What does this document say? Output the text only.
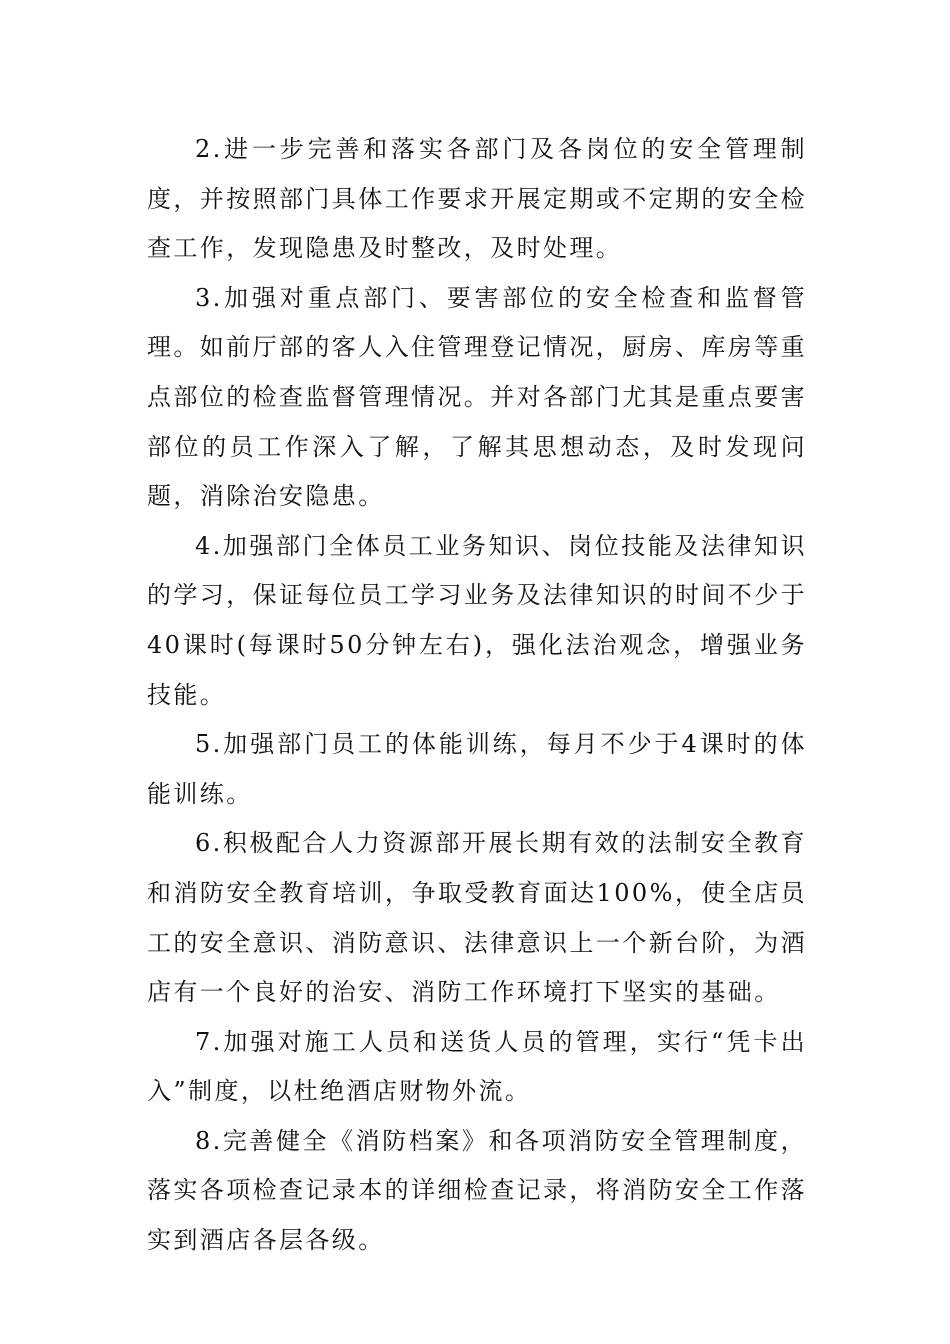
2.进一步完善和落实各部门及各岗位的安全管理制度，并按照部门具体工作要求开展定期或不定期的安全检查工作，发现隐患及时整改，及时处理。

3.加强对重点部门、要害部位的安全检查和监督管理。如前厅部的客人入住管理登记情况，厨房、库房等重点部位的检查监督管理情况。并对各部门尤其是重点要害部位的员工作深入了解，了解其思想动态，及时发现问题，消除治安隐患。

4.加强部门全体员工业务知识、岗位技能及法律知识的学习，保证每位员工学习业务及法律知识的时间不少于40课时(每课时50分钟左右)，强化法治观念，增强业务技能。

5.加强部门员工的体能训练，每月不少于4课时的体能训练。

6.积极配合人力资源部开展长期有效的法制安全教育和消防安全教育培训，争取受教育面达100%，使全店员工的安全意识、消防意识、法律意识上一个新台阶，为酒店有一个良好的治安、消防工作环境打下坚实的基础。

7.加强对施工人员和送货人员的管理，实行“凭卡出入”制度，以杜绝酒店财物外流。

8.完善健全《消防档案》和各项消防安全管理制度，落实各项检查记录本的详细检查记录，将消防安全工作落实到酒店各层各级。
